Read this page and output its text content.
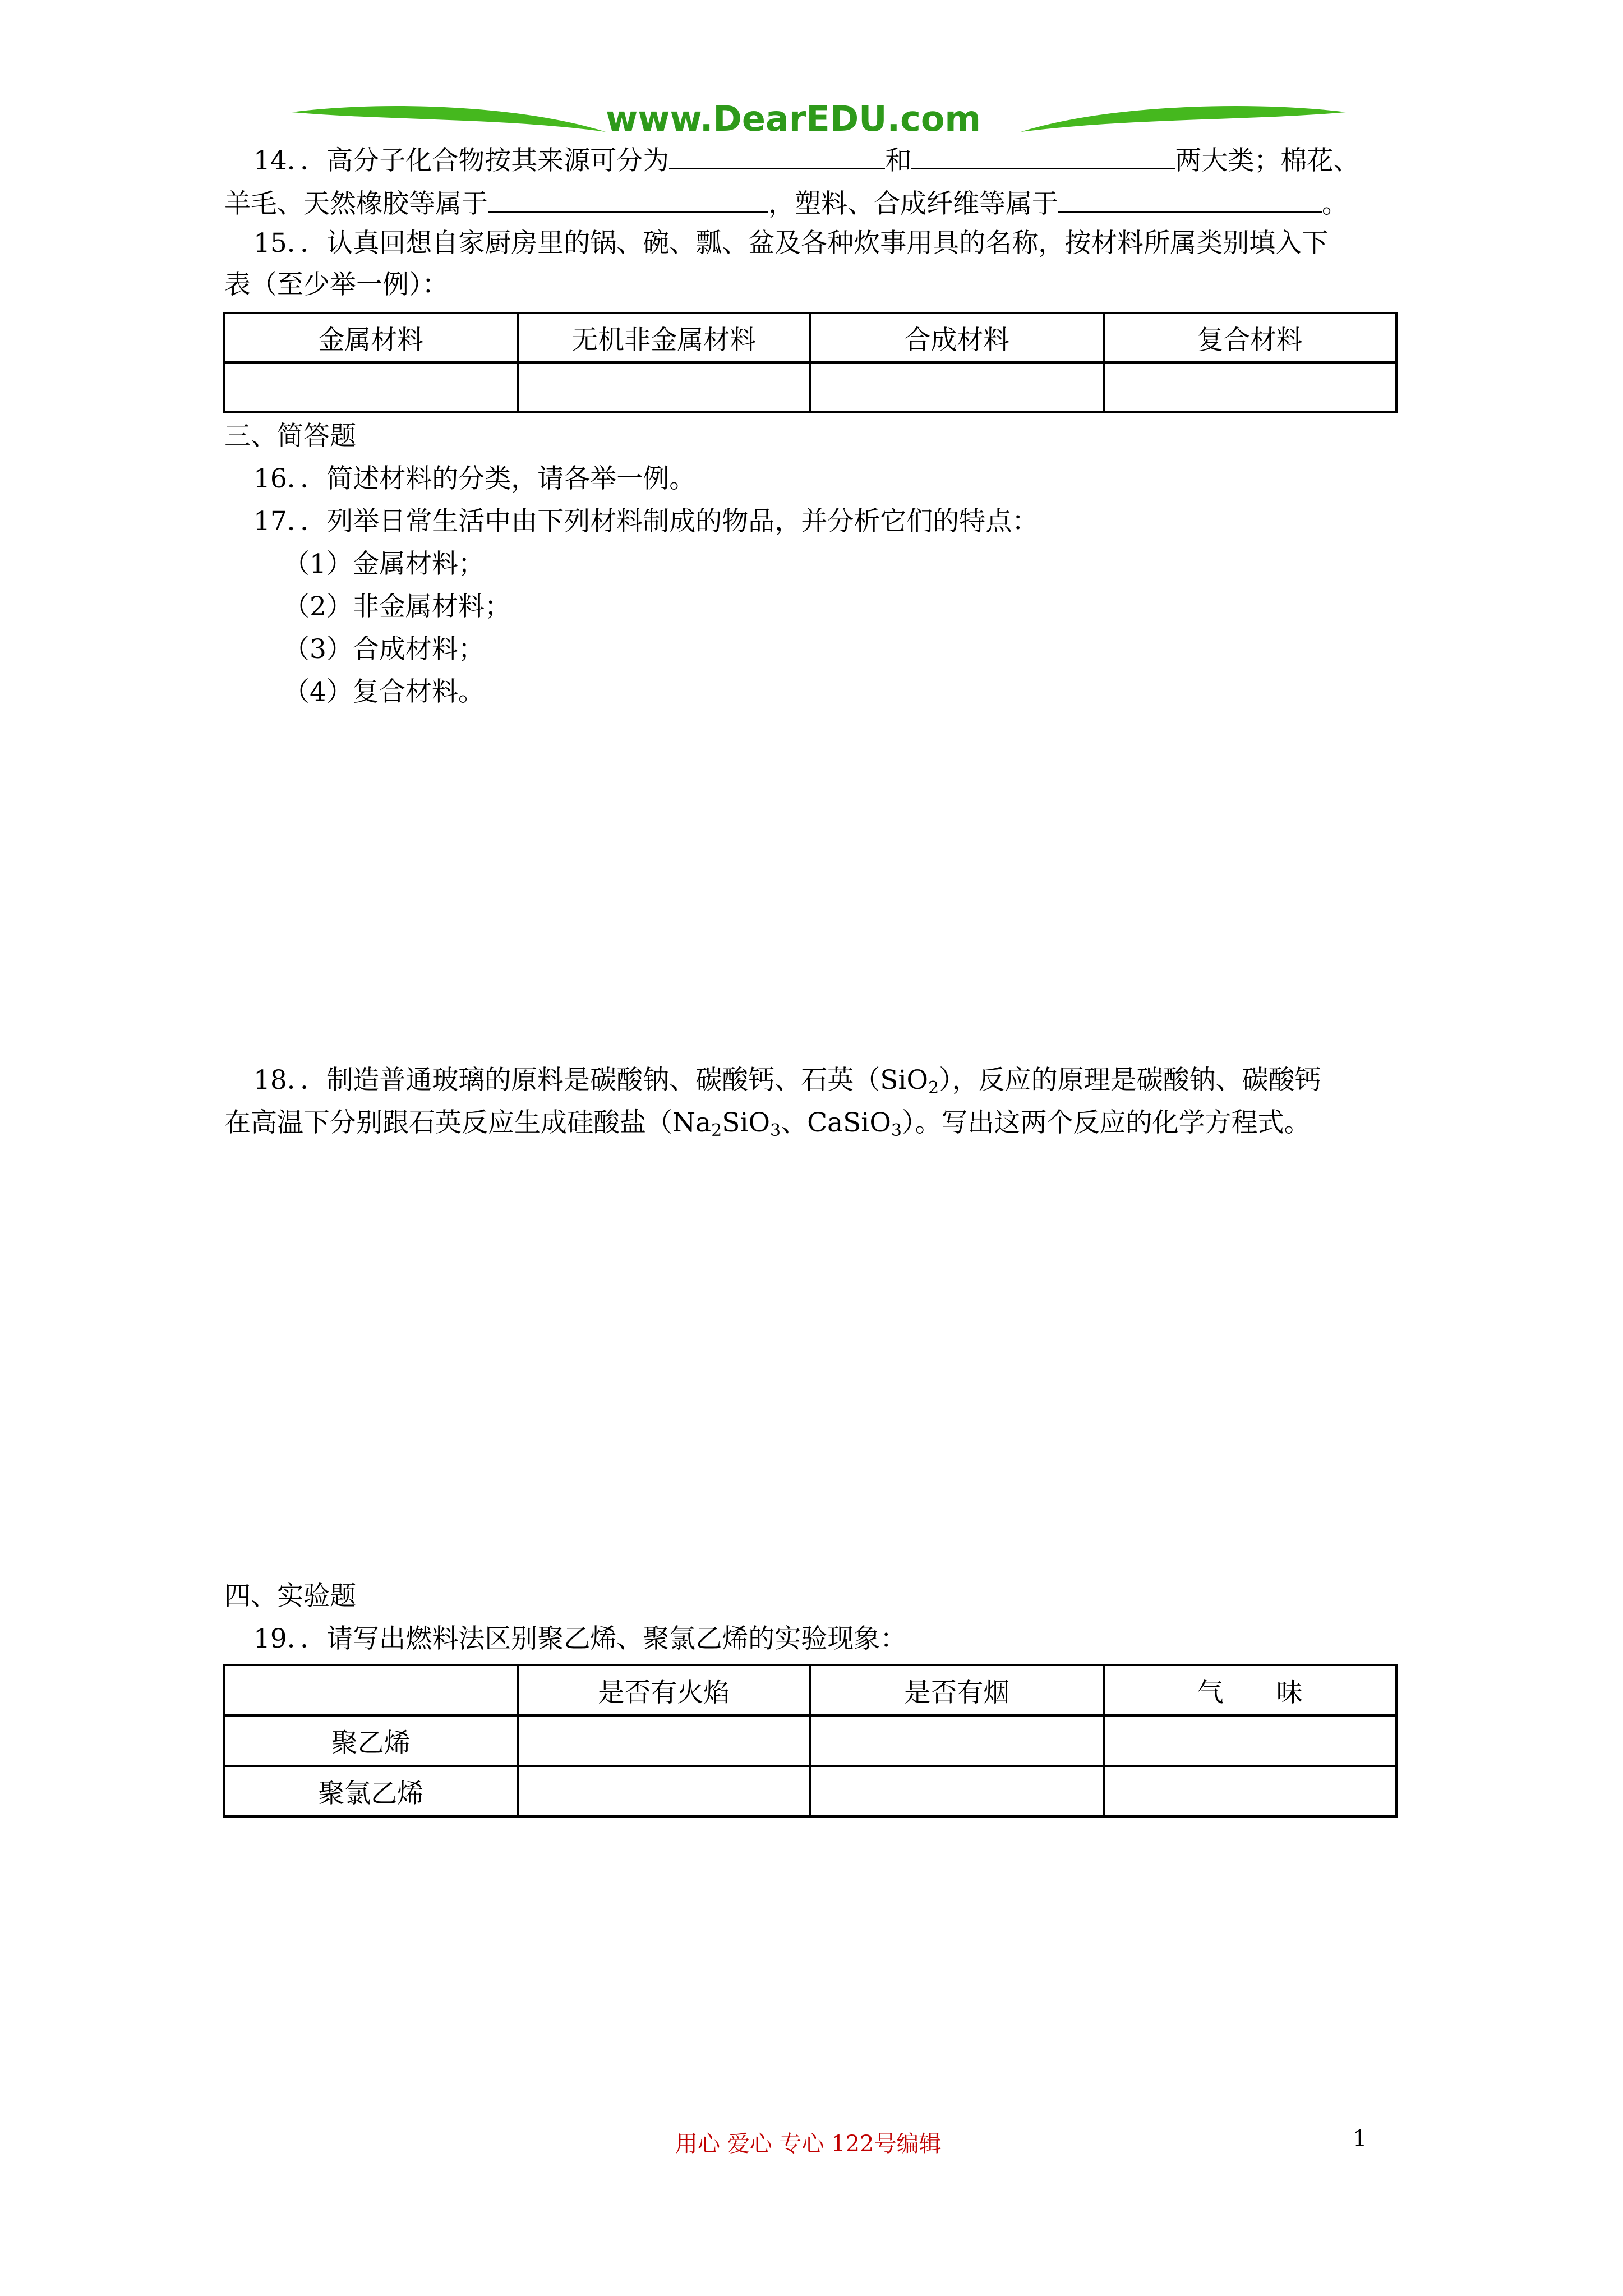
www.DearEDU.com
14．．高分子化合物按其来源可分为	和	两大类；棉花、
羊毛、天然橡胶等属于	，塑料、合成纤维等属于	。
15．．认真回想自家厨房里的锅、碗、瓢、盆及各种炊事用具的名称，按材料所属类别填入下
表（至少举一例）：
金属材料	无机非金属材料	合成材料	复合材料

三、简答题
16．．简述材料的分类，请各举一例。
17．．列举日常生活中由下列材料制成的物品，并分析它们的特点：
（1）金属材料；
（2）非金属材料；
（3）合成材料；
（4）复合材料。
18．．制造普通玻璃的原料是碳酸钠、碳酸钙、石英（SiO$_2$），反应的原理是碳酸钠、碳酸钙
在高温下分别跟石英反应生成硅酸盐（$Na_2SiO_3$、CaSiO$_3$）。写出这两个反应的化学方程式。
四、实验题
19．．请写出燃料法区别聚乙烯、聚氯乙烯的实验现象：
	是否有火焰	是否有烟	气　　味
聚乙烯			
聚氯乙烯			
用心 爱心 专心 122号编辑	1
